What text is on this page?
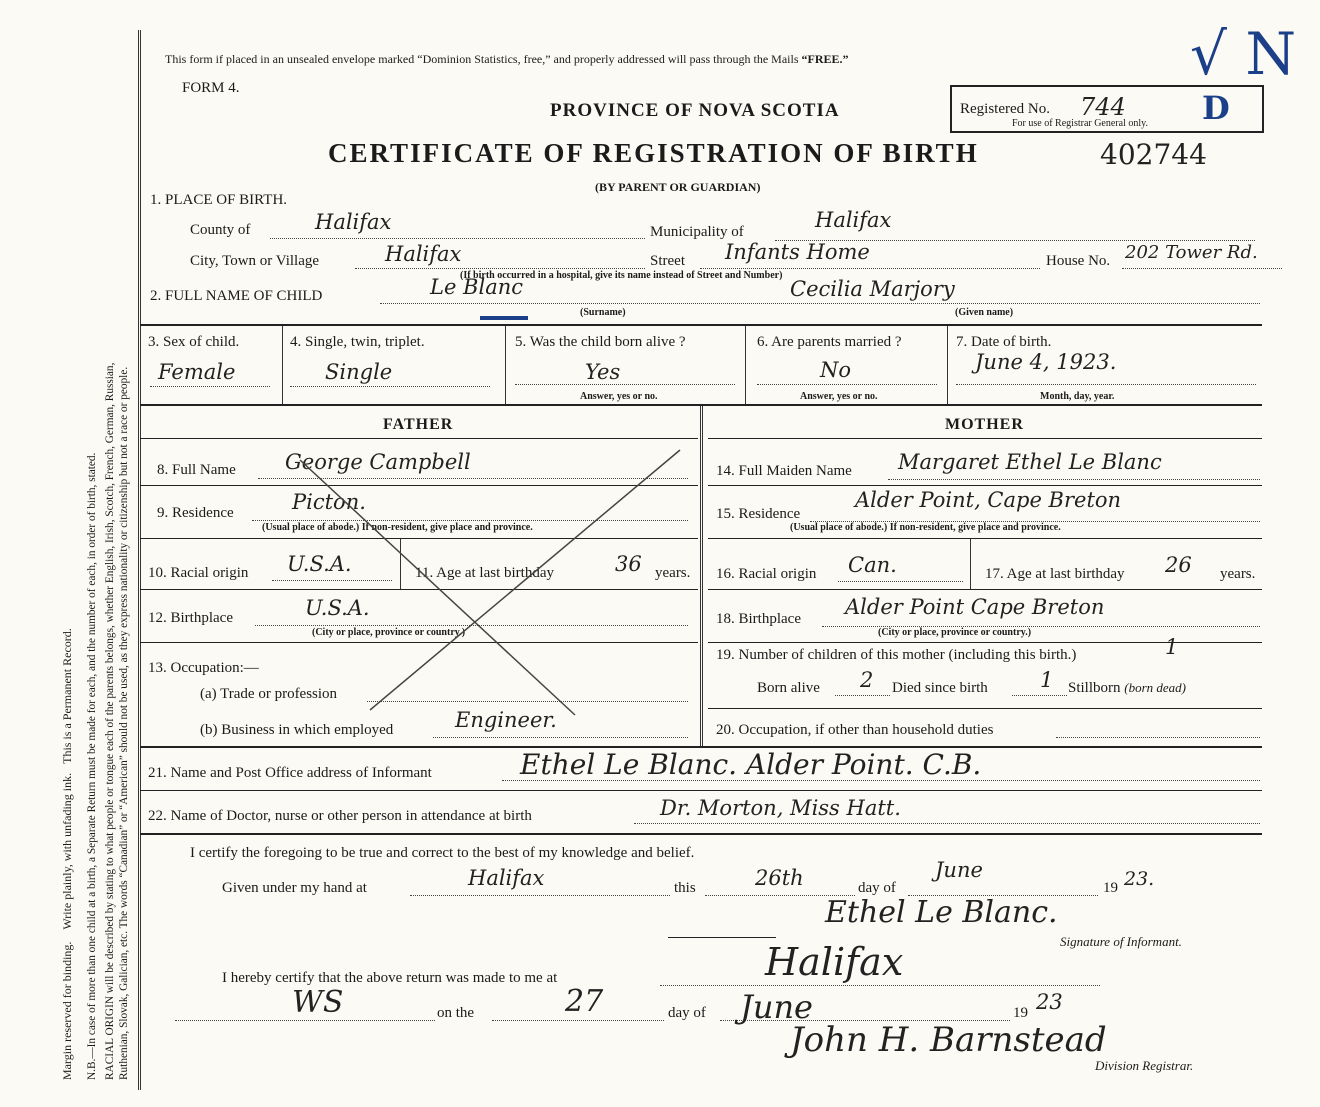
Margin reserved for binding.    Write plainly, with unfading ink.   This is a Permanent Record. N.B.—In case of more than one child at a birth, a Separate Return must be made for each, and the number of each, in order of birth, stated. RACIAL ORIGIN will be described by stating to what people or tongue each of the parents belongs, whether English, Irish, Scotch, French, German, Russian, Ruthenian, Slovak, Galician, etc. The words “Canadian” or “American” should not be used, as they express nationality or citizenship but not a race or people.
This form if placed in an unsealed envelope marked “Dominion Statistics, free,” and properly addressed will pass through the Mails “FREE.”
FORM 4.
PROVINCE OF NOVA SCOTIA
CERTIFICATE OF REGISTRATION OF BIRTH	402744
(BY PARENT OR GUARDIAN)
Registered No. 744 D
For use of Registrar General only.
√ N
1. PLACE OF BIRTH.
County of	Halifax	Municipality of	Halifax
City, Town or Village	Halifax	Street Infants Home
(If birth occurred in a hospital, give its name instead of Street and Number)
House No. 202 Tower Rd.
2. FULL NAME OF CHILD	Le Blanc	Cecilia Marjory
(Surname)	(Given name)
3. Sex of child.
Female
4. Single, twin, triplet.
Single
5. Was the child born alive ?
Yes
Answer, yes or no.
6. Are parents married ?
No
Answer, yes or no.
7. Date of birth.
June 4, 1923.
Month, day, year.
FATHER	MOTHER
8. Full Name George Campbell
9. Residence	Picton.
(Usual place of abode.) If non-resident, give place and province.
10. Racial origin U.S.A.	11. Age at last birthday	36 years.
12. Birthplace	U.S.A.
(City or place, province or country.)
13. Occupation:—
(a) Trade or profession
(b) Business in which employed	Engineer.
14. Full Maiden Name Margaret Ethel Le Blanc
15. Residence
Alder Point, Cape Breton
(Usual place of abode.) If non-resident, give place and province.
16. Racial origin Can.	17. Age at last birthday 26 years.
18. Birthplace Alder Point Cape Breton
(City or place, province or country.)
19. Number of children of this mother (including this birth.)	1
Born alive 2 Died since birth 1 Stillborn (born dead)
20. Occupation, if other than household duties
21. Name and Post Office address of Informant	Ethel Le Blanc. Alder Point. C.B.
22. Name of Doctor, nurse or other person in attendance at birth	Dr. Morton, Miss Hatt.
I certify the foregoing to be true and correct to the best of my knowledge and belief.
Given under my hand at	Halifax	this	26th	day of
June
19 23.
Ethel Le Blanc.
Signature of Informant.
I hereby certify that the above return was made to me at	Halifax
WS	on the	27	day of June	19 23
John H. Barnstead
Division Registrar.
